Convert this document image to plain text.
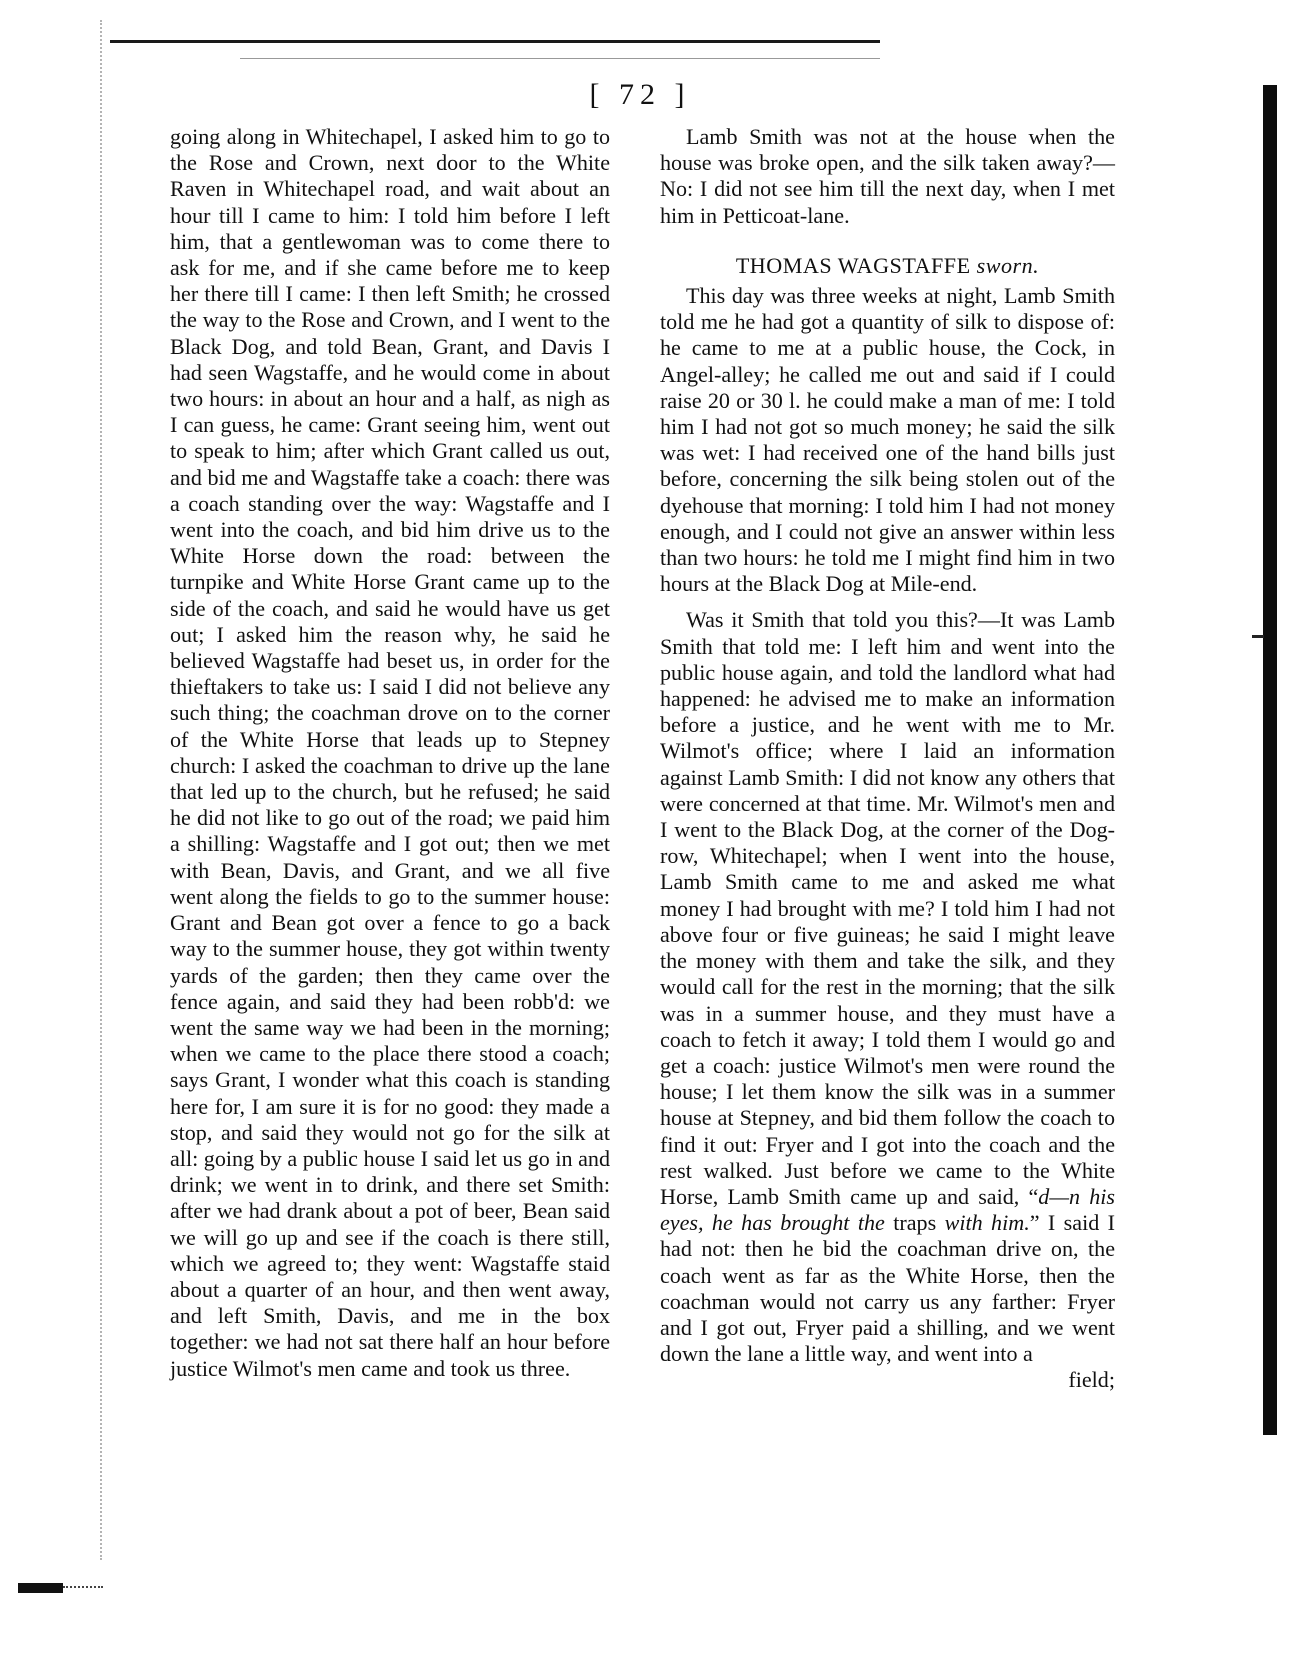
[ 72 ]

going along in Whitechapel, I asked him to go to the Rose and Crown, next door to the White Raven in Whitechapel road, and wait about an hour till I came to him: I told him before I left him, that a gentlewoman was to come there to ask for me, and if she came before me to keep her there till I came: I then left Smith; he crossed the way to the Rose and Crown, and I went to the Black Dog, and told Bean, Grant, and Davis I had seen Wagstaffe, and he would come in about two hours: in about an hour and a half, as nigh as I can guess, he came: Grant seeing him, went out to speak to him; after which Grant called us out, and bid me and Wagstaffe take a coach: there was a coach standing over the way: Wagstaffe and I went into the coach, and bid him drive us to the White Horse down the road: between the turnpike and White Horse Grant came up to the side of the coach, and said he would have us get out; I asked him the reason why, he said he believed Wagstaffe had beset us, in order for the thieftakers to take us: I said I did not believe any such thing; the coachman drove on to the corner of the White Horse that leads up to Stepney church: I asked the coachman to drive up the lane that led up to the church, but he refused; he said he did not like to go out of the road; we paid him a shilling: Wagstaffe and I got out; then we met with Bean, Davis, and Grant, and we all five went along the fields to go to the summer house: Grant and Bean got over a fence to go a back way to the summer house, they got within twenty yards of the garden; then they came over the fence again, and said they had been robb'd: we went the same way we had been in the morning; when we came to the place there stood a coach; says Grant, I wonder what this coach is standing here for, I am sure it is for no good: they made a stop, and said they would not go for the silk at all: going by a public house I said let us go in and drink; we went in to drink, and there set Smith: after we had drank about a pot of beer, Bean said we will go up and see if the coach is there still, which we agreed to; they went: Wagstaffe staid about a quarter of an hour, and then went away, and left Smith, Davis, and me in the box together: we had not sat there half an hour before justice Wilmot's men came and took us three.

Lamb Smith was not at the house when the house was broke open, and the silk taken away?—No: I did not see him till the next day, when I met him in Petticoat-lane.

THOMAS WAGSTAFFE sworn.

This day was three weeks at night, Lamb Smith told me he had got a quantity of silk to dispose of: he came to me at a public house, the Cock, in Angel-alley; he called me out and said if I could raise 20 or 30 l. he could make a man of me: I told him I had not got so much money; he said the silk was wet: I had received one of the hand bills just before, concerning the silk being stolen out of the dyehouse that morning: I told him I had not money enough, and I could not give an answer within less than two hours: he told me I might find him in two hours at the Black Dog at Mile-end.

Was it Smith that told you this?—It was Lamb Smith that told me: I left him and went into the public house again, and told the landlord what had happened: he advised me to make an information before a justice, and he went with me to Mr. Wilmot's office; where I laid an information against Lamb Smith: I did not know any others that were concerned at that time. Mr. Wilmot's men and I went to the Black Dog, at the corner of the Dog-row, Whitechapel; when I went into the house, Lamb Smith came to me and asked me what money I had brought with me? I told him I had not above four or five guineas; he said I might leave the money with them and take the silk, and they would call for the rest in the morning; that the silk was in a summer house, and they must have a coach to fetch it away; I told them I would go and get a coach: justice Wilmot's men were round the house; I let them know the silk was in a summer house at Stepney, and bid them follow the coach to find it out: Fryer and I got into the coach and the rest walked. Just before we came to the White Horse, Lamb Smith came up and said, “d—n his eyes, he has brought the traps with him.” I said I had not: then he bid the coachman drive on, the coach went as far as the White Horse, then the coachman would not carry us any farther: Fryer and I got out, Fryer paid a shilling, and we went down the lane a little way, and went into a

field;
